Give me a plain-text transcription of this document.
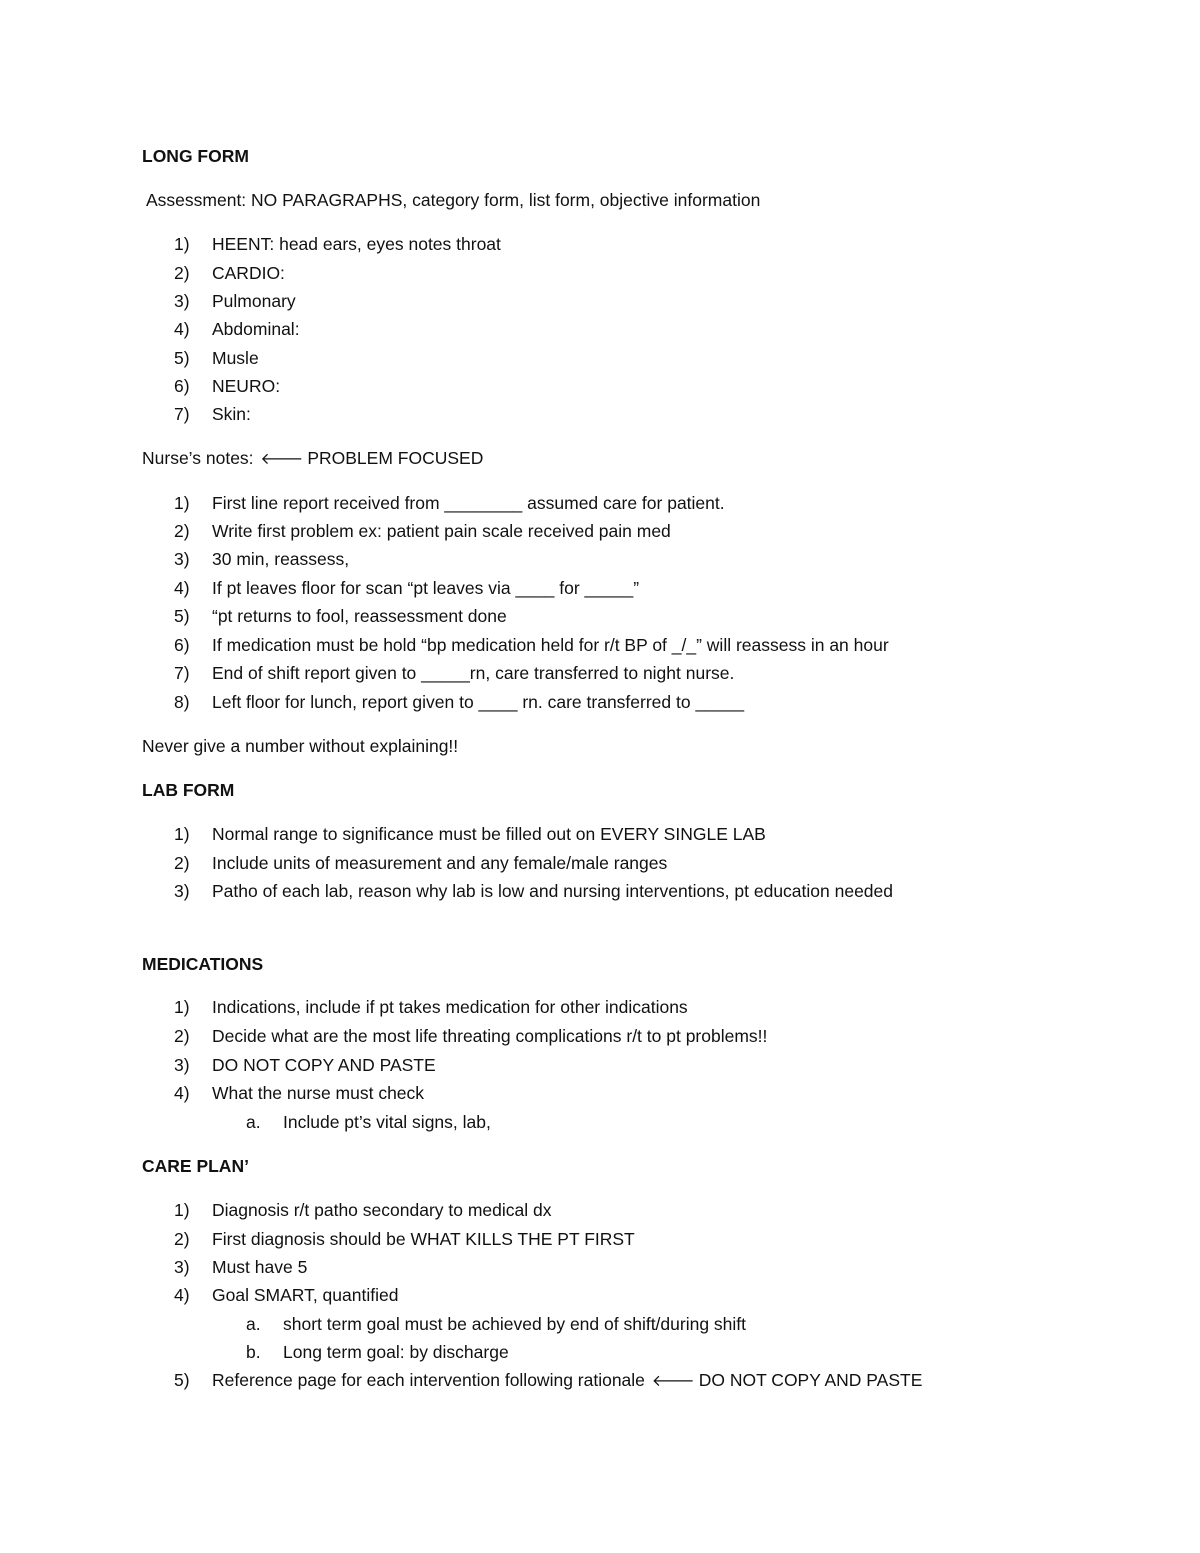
LONG FORM
Assessment: NO PARAGRAPHS, category form, list form, objective information
1)	HEENT: head ears, eyes notes throat
2)	CARDIO:
3)	Pulmonary
4)	Abdominal:
5)	Musle
6)	NEURO:
7)	Skin:
Nurse’s notes: 🡐 PROBLEM FOCUSED
1)	First line report received from ________ assumed care for patient.
2)	Write first problem ex: patient pain scale received pain med
3)	30 min, reassess,
4)	If pt leaves floor for scan “pt leaves via ____ for _____”
5)	“pt returns to fool, reassessment done
6)	If medication must be hold “bp medication held for r/t BP of _/_” will reassess in an hour
7)	End of shift report given to _____rn, care transferred to night nurse.
8)	Left floor for lunch, report given to ____ rn. care transferred to _____
Never give a number without explaining!!
LAB FORM
1)	Normal range to significance must be filled out on EVERY SINGLE LAB
2)	Include units of measurement and any female/male ranges
3)	Patho of each lab, reason why lab is low and nursing interventions, pt education needed
MEDICATIONS
1)	Indications, include if pt takes medication for other indications
2)	Decide what are the most life threating complications r/t to pt problems!!
3)	DO NOT COPY AND PASTE
4)	What the nurse must check
a. Include pt’s vital signs, lab,
CARE PLAN’
1)	Diagnosis r/t patho secondary to medical dx
2)	First diagnosis should be WHAT KILLS THE PT FIRST
3)	Must have 5
4)	Goal SMART, quantified
a. short term goal must be achieved by end of shift/during shift
b. Long term goal: by discharge
5)	Reference page for each intervention following rationale 🡐 DO NOT COPY AND PASTE
